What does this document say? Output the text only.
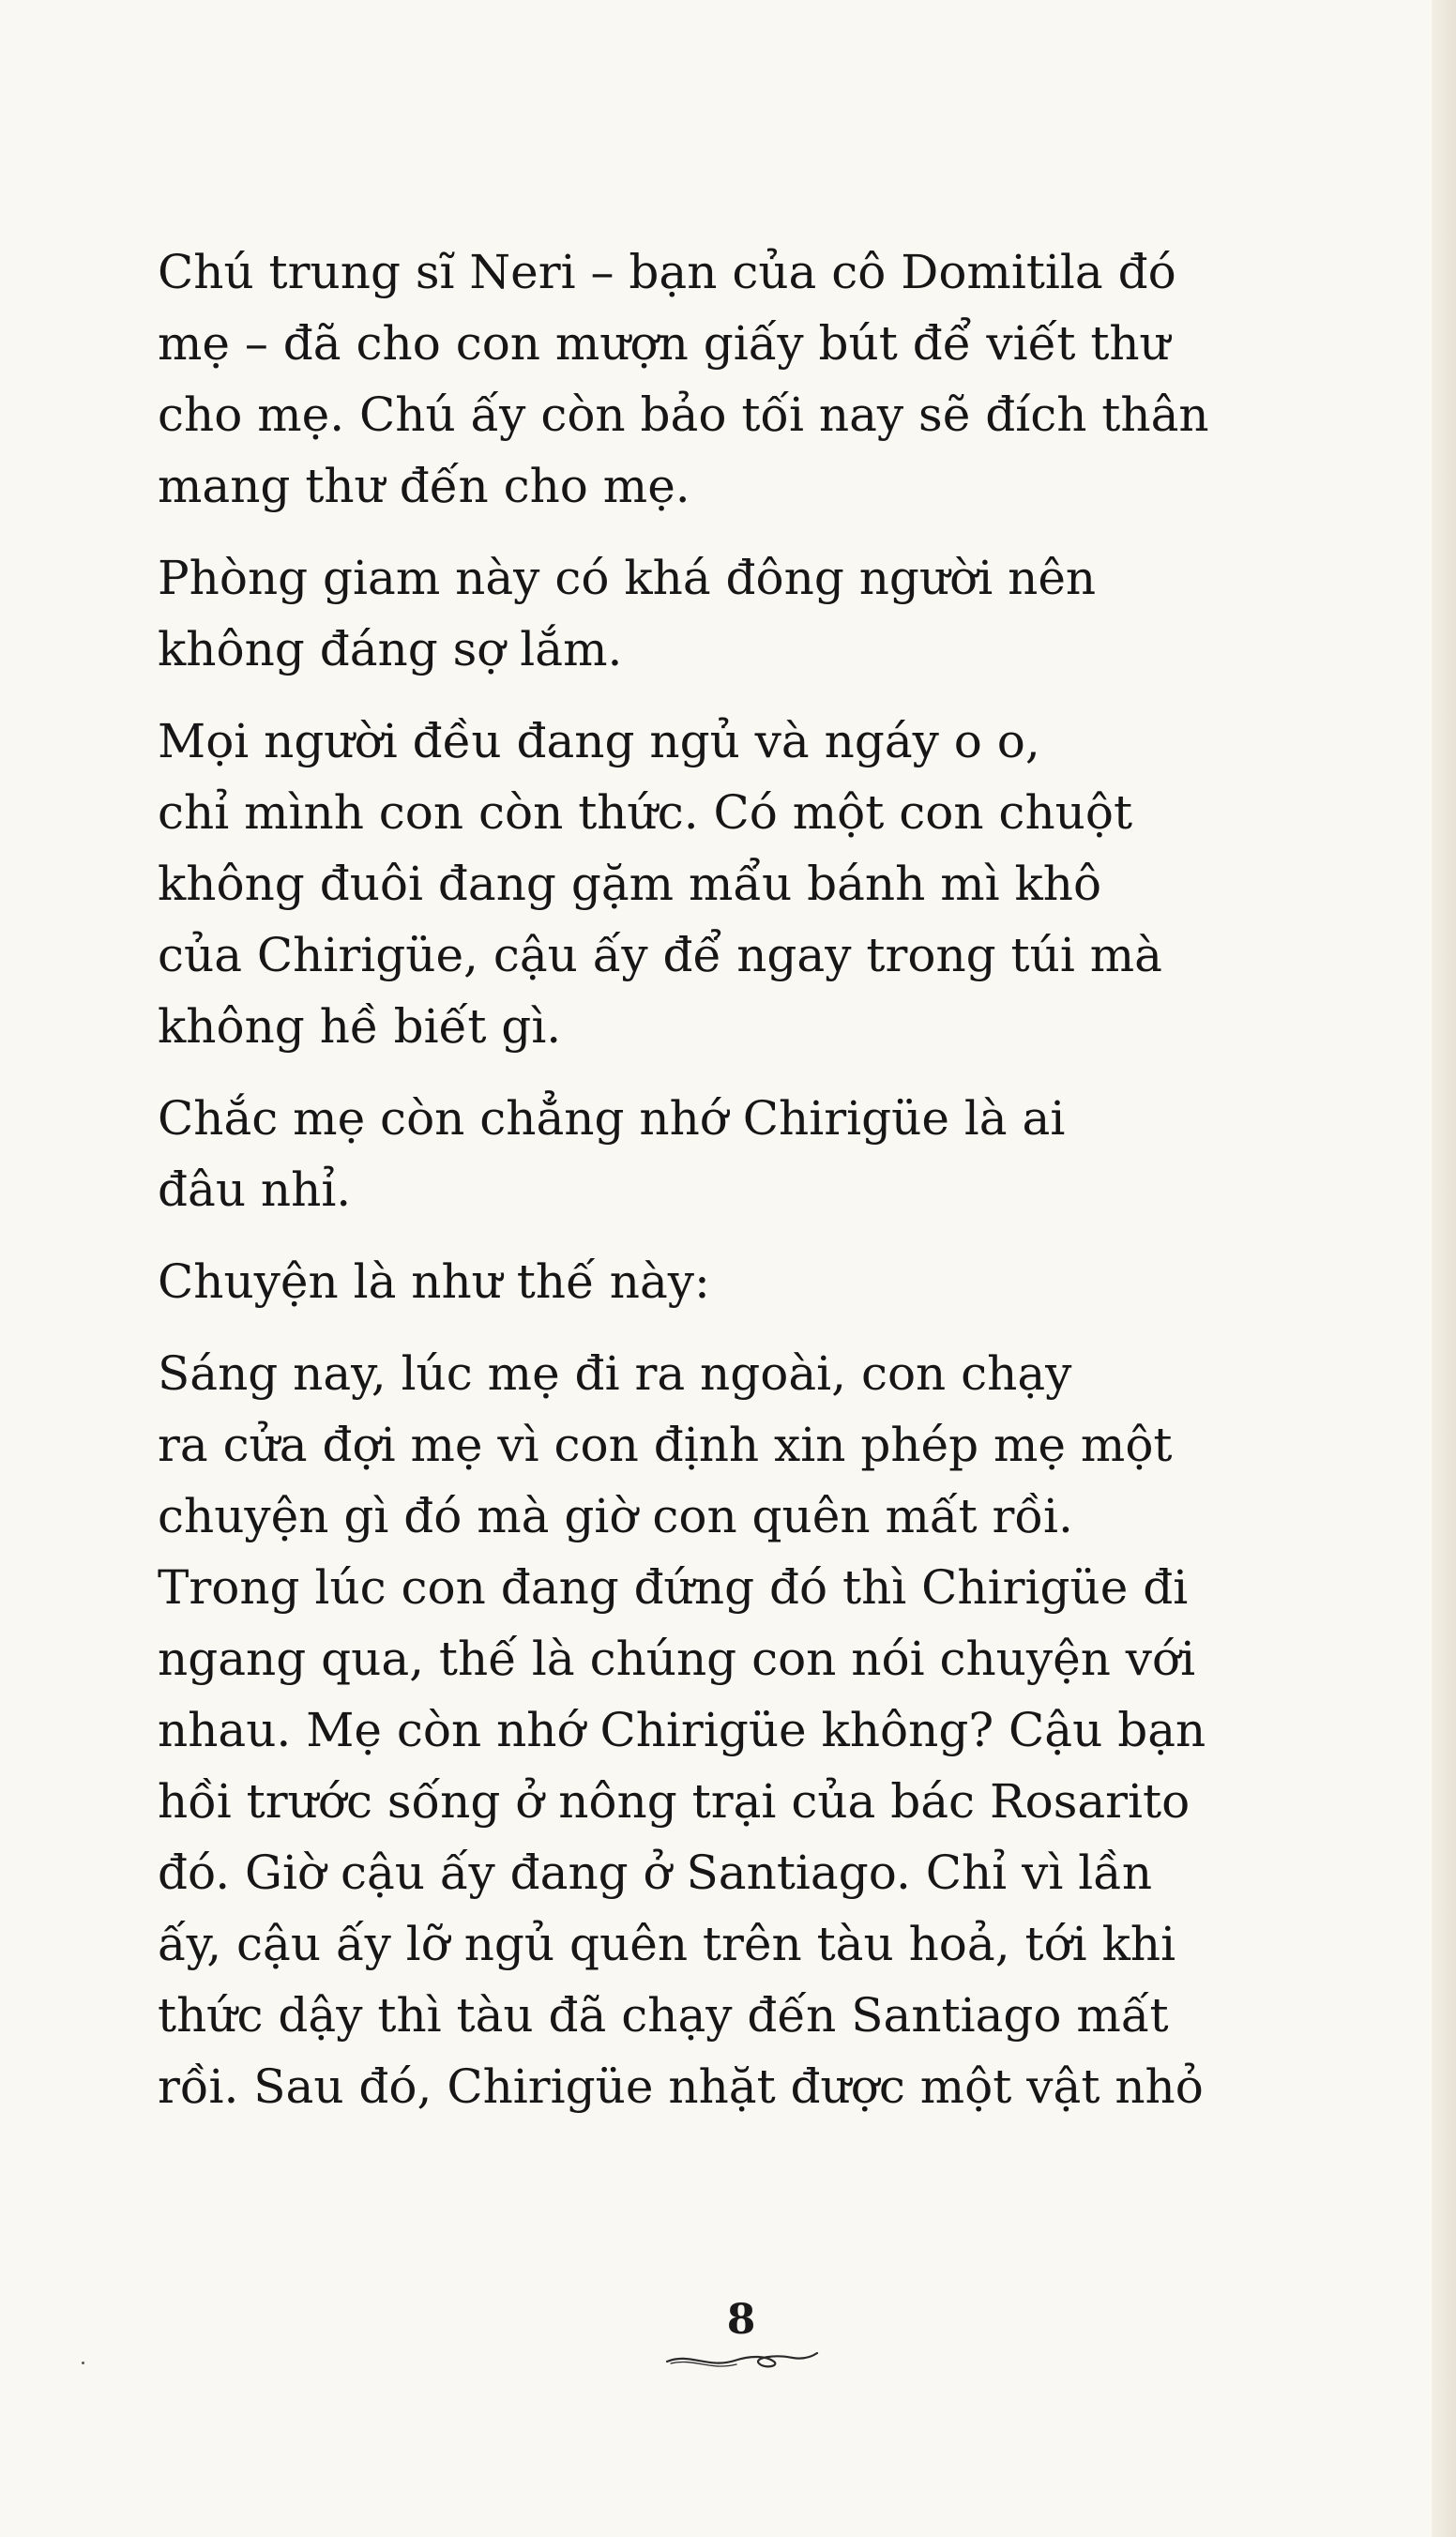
Chú trung sĩ Neri – bạn của cô Domitila đó
mẹ – đã cho con mượn giấy bút để viết thư
cho mẹ. Chú ấy còn bảo tối nay sẽ đích thân
mang thư đến cho mẹ.

Phòng giam này có khá đông người nên
không đáng sợ lắm.

Mọi người đều đang ngủ và ngáy o o,
chỉ mình con còn thức. Có một con chuột
không đuôi đang gặm mẩu bánh mì khô
của Chirigüe, cậu ấy để ngay trong túi mà
không hề biết gì.

Chắc mẹ còn chẳng nhớ Chirigüe là ai
đâu nhỉ.

Chuyện là như thế này:

Sáng nay, lúc mẹ đi ra ngoài, con chạy
ra cửa đợi mẹ vì con định xin phép mẹ một
chuyện gì đó mà giờ con quên mất rồi.
Trong lúc con đang đứng đó thì Chirigüe đi
ngang qua, thế là chúng con nói chuyện với
nhau. Mẹ còn nhớ Chirigüe không? Cậu bạn
hồi trước sống ở nông trại của bác Rosarito
đó. Giờ cậu ấy đang ở Santiago. Chỉ vì lần
ấy, cậu ấy lỡ ngủ quên trên tàu hoả, tới khi
thức dậy thì tàu đã chạy đến Santiago mất
rồi. Sau đó, Chirigüe nhặt được một vật nhỏ

8
